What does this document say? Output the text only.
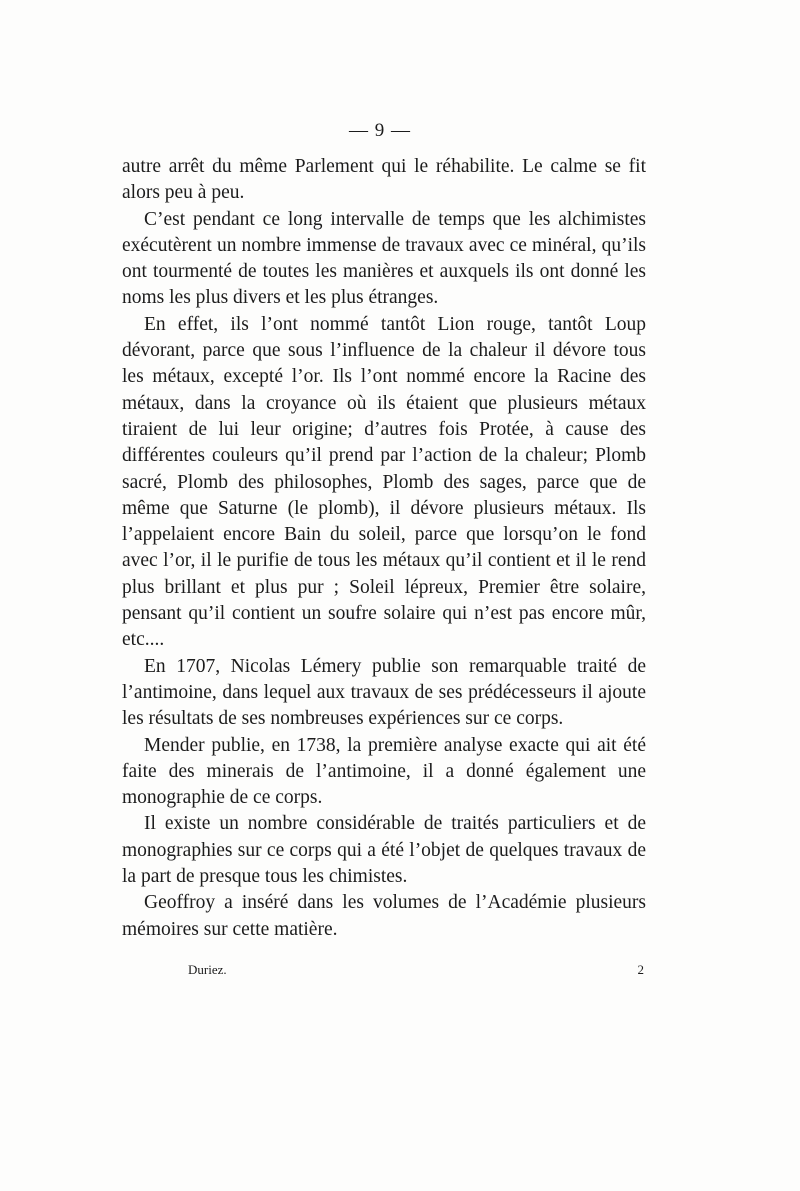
— 9 —

autre arrêt du même Parlement qui le réhabilite. Le calme se fit alors peu à peu.

C’est pendant ce long intervalle de temps que les alchimistes exécutèrent un nombre immense de travaux avec ce minéral, qu’ils ont tourmenté de toutes les manières et auxquels ils ont donné les noms les plus divers et les plus étranges.

En effet, ils l’ont nommé tantôt Lion rouge, tantôt Loup dévorant, parce que sous l’influence de la chaleur il dévore tous les métaux, excepté l’or. Ils l’ont nommé encore la Racine des métaux, dans la croyance où ils étaient que plusieurs métaux tiraient de lui leur origine; d’autres fois Protée, à cause des différentes couleurs qu’il prend par l’action de la chaleur; Plomb sacré, Plomb des philosophes, Plomb des sages, parce que de même que Saturne (le plomb), il dévore plusieurs métaux. Ils l’appelaient encore Bain du soleil, parce que lorsqu’on le fond avec l’or, il le purifie de tous les métaux qu’il contient et il le rend plus brillant et plus pur ; Soleil lépreux, Premier être solaire, pensant qu’il contient un soufre solaire qui n’est pas encore mûr, etc....

En 1707, Nicolas Lémery publie son remarquable traité de l’antimoine, dans lequel aux travaux de ses prédécesseurs il ajoute les résultats de ses nombreuses expériences sur ce corps.

Mender publie, en 1738, la première analyse exacte qui ait été faite des minerais de l’antimoine, il a donné également une monographie de ce corps.

Il existe un nombre considérable de traités particuliers et de monographies sur ce corps qui a été l’objet de quelques travaux de la part de presque tous les chimistes.

Geoffroy a inséré dans les volumes de l’Académie plusieurs mémoires sur cette matière.

Duriez.	2
